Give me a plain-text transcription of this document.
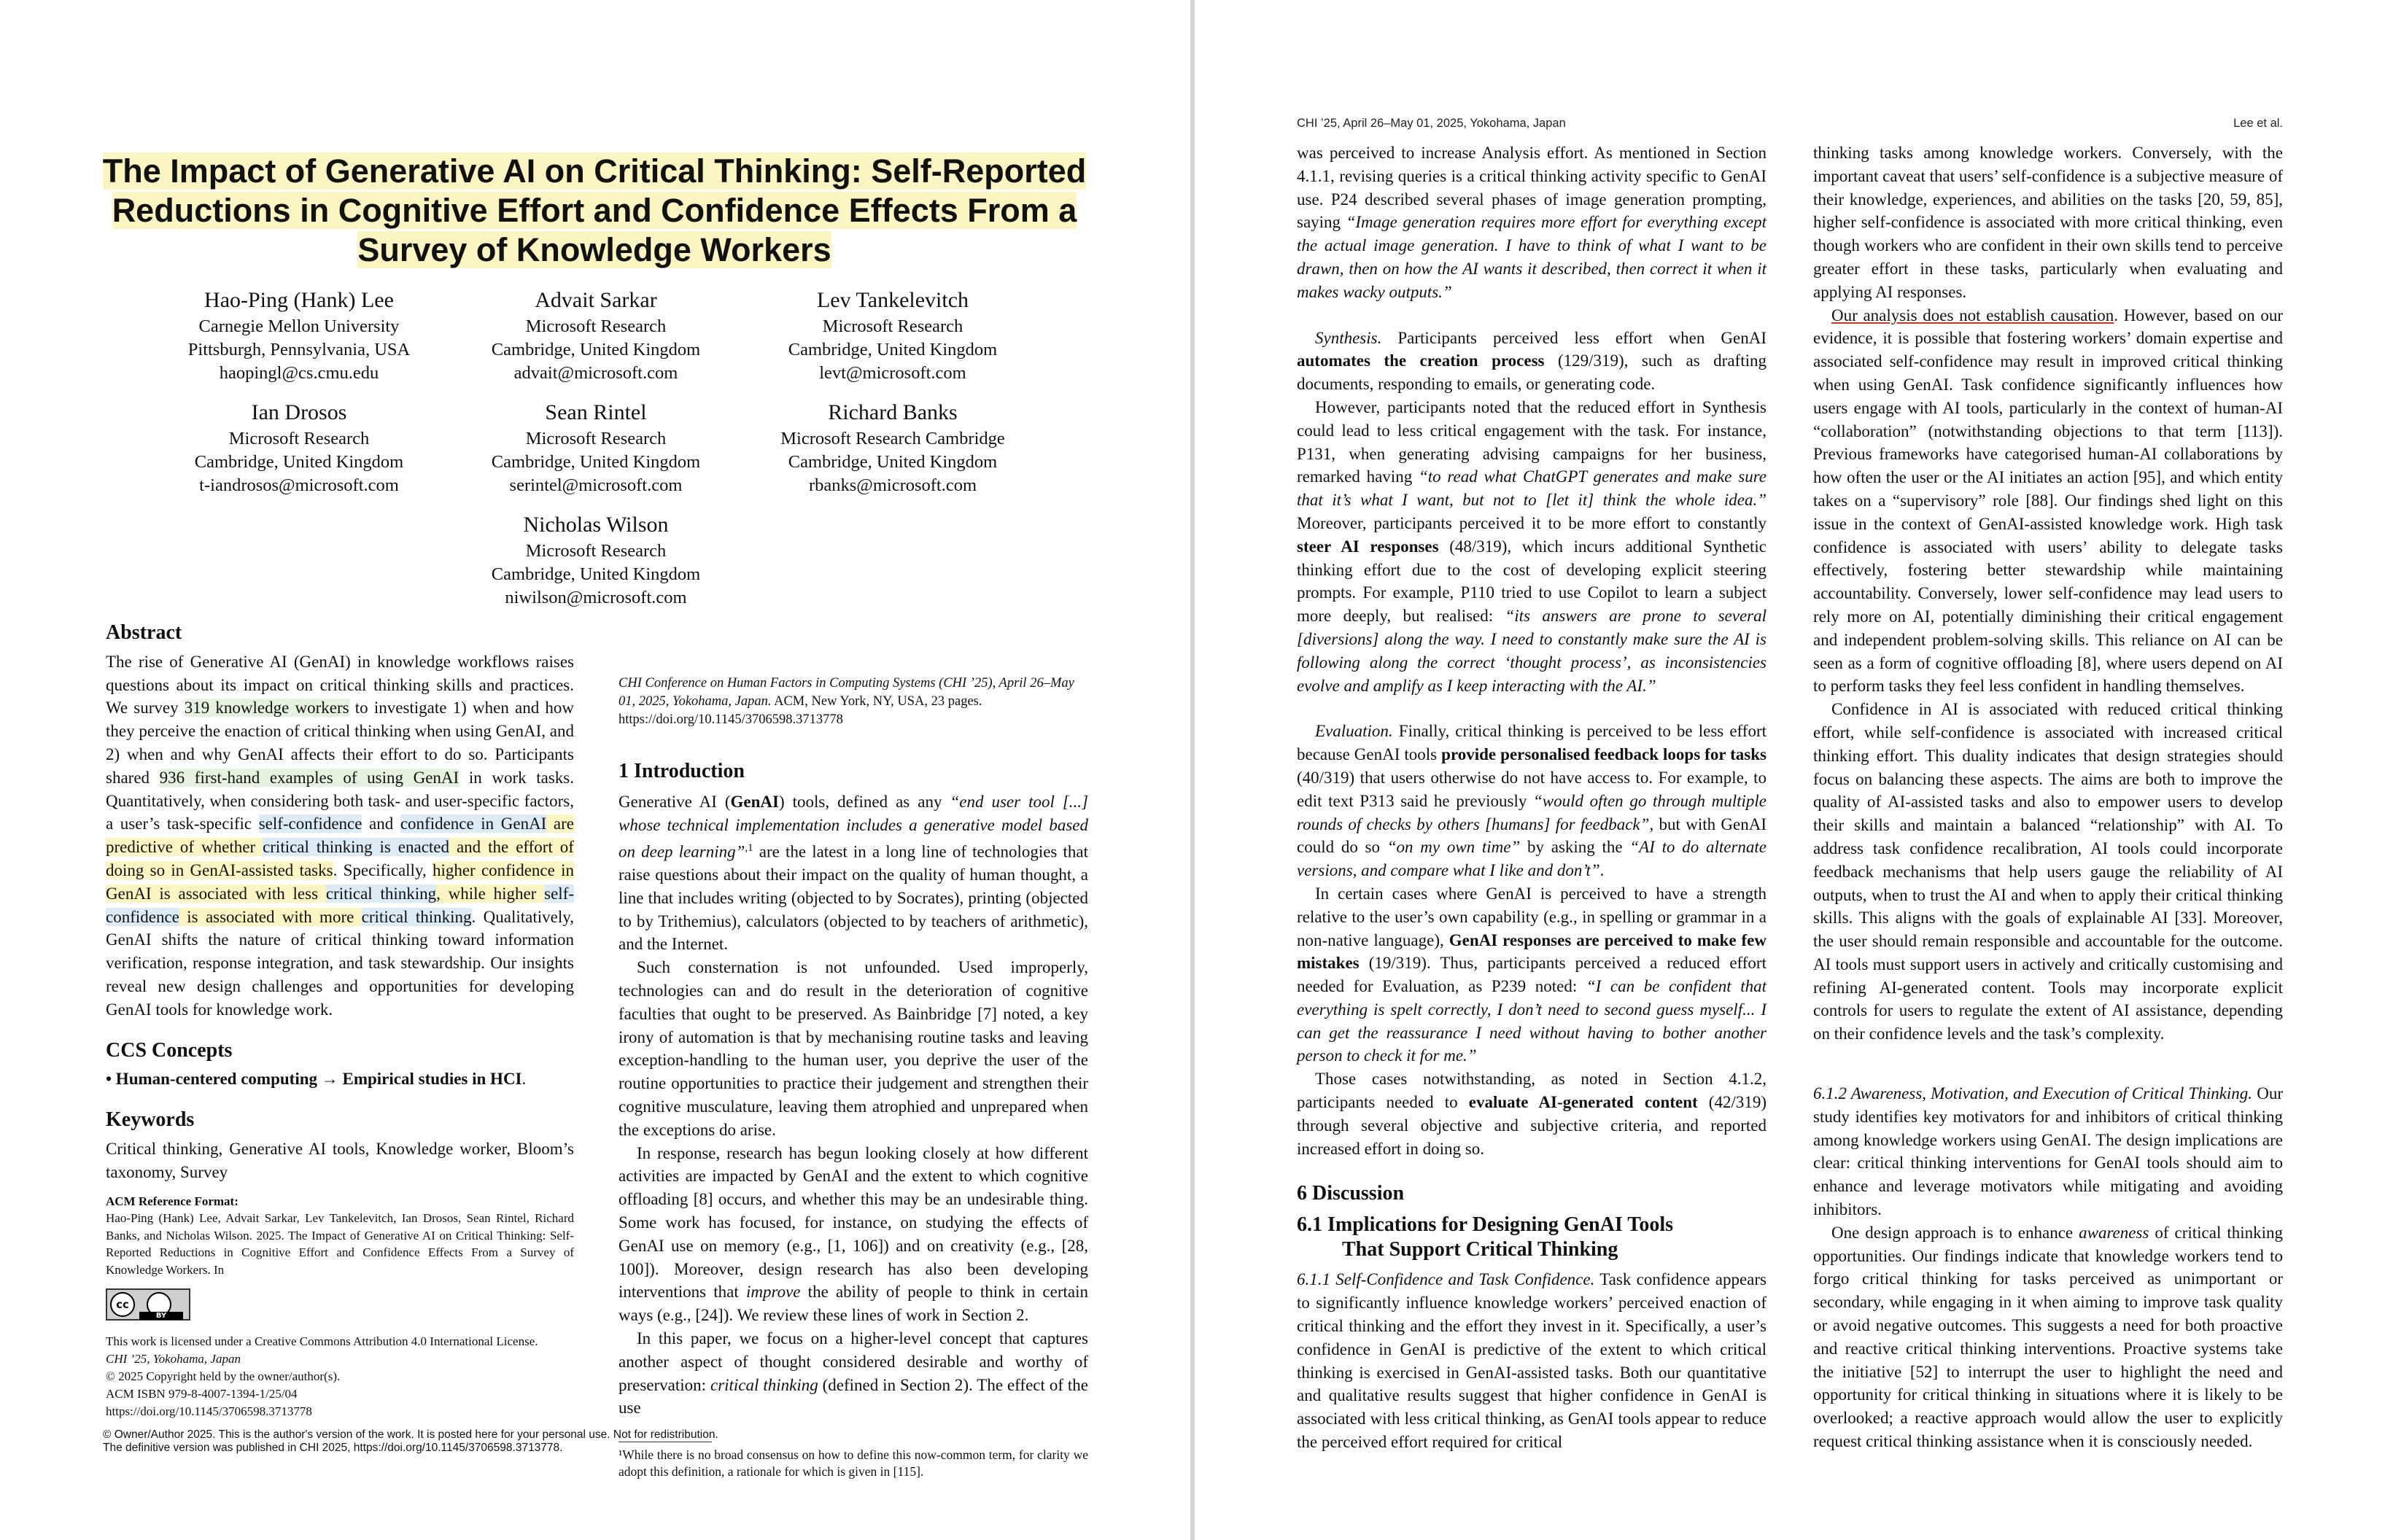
The Impact of Generative AI on Critical Thinking: Self-Reported
Reductions in Cognitive Effort and Confidence Effects From a
Survey of Knowledge Workers
Hao-Ping (Hank) Lee
Carnegie Mellon University
Pittsburgh, Pennsylvania, USA
haopingl@cs.cmu.edu
Advait Sarkar
Microsoft Research
Cambridge, United Kingdom
advait@microsoft.com
Lev Tankelevitch
Microsoft Research
Cambridge, United Kingdom
levt@microsoft.com
Ian Drosos
Microsoft Research
Cambridge, United Kingdom
t-iandrosos@microsoft.com
Sean Rintel
Microsoft Research
Cambridge, United Kingdom
serintel@microsoft.com
Richard Banks
Microsoft Research Cambridge
Cambridge, United Kingdom
rbanks@microsoft.com
Nicholas Wilson
Microsoft Research
Cambridge, United Kingdom
niwilson@microsoft.com
Abstract

The rise of Generative AI (GenAI) in knowledge workflows raises questions about its impact on critical thinking skills and practices. We survey 319 knowledge workers to investigate 1) when and how they perceive the enaction of critical thinking when using GenAI, and 2) when and why GenAI affects their effort to do so. Participants shared 936 first-hand examples of using GenAI in work tasks. Quantitatively, when considering both task- and user-specific factors, a user’s task-specific self-confidence and confidence in GenAI are predictive of whether critical thinking is enacted and the effort of doing so in GenAI-assisted tasks. Specifically, higher confidence in GenAI is associated with less critical thinking, while higher self-confidence is associated with more critical thinking. Qualitatively, GenAI shifts the nature of critical thinking toward information verification, response integration, and task stewardship. Our insights reveal new design challenges and opportunities for developing GenAI tools for knowledge work.

CCS Concepts

• Human-centered computing → Empirical studies in HCI.

Keywords

Critical thinking, Generative AI tools, Knowledge worker, Bloom’s taxonomy, Survey

ACM Reference Format:
Hao-Ping (Hank) Lee, Advait Sarkar, Lev Tankelevitch, Ian Drosos, Sean Rintel, Richard Banks, and Nicholas Wilson. 2025. The Impact of Generative AI on Critical Thinking: Self-Reported Reductions in Cognitive Effort and Confidence Effects From a Survey of Knowledge Workers. In
cc
BY
This work is licensed under a Creative Commons Attribution 4.0 International License.
CHI ’25, Yokohama, Japan
© 2025 Copyright held by the owner/author(s).
ACM ISBN 979-8-4007-1394-1/25/04
https://doi.org/10.1145/3706598.3713778
CHI Conference on Human Factors in Computing Systems (CHI ’25), April 26–May 01, 2025, Yokohama, Japan. ACM, New York, NY, USA, 23 pages. https://doi.org/10.1145/3706598.3713778
1 Introduction

Generative AI (GenAI) tools, defined as any “end user tool [...] whose technical implementation includes a generative model based on deep learning”$^{,1}$ are the latest in a long line of technologies that raise questions about their impact on the quality of human thought, a line that includes writing (objected to by Socrates), printing (objected to by Trithemius), calculators (objected to by teachers of arithmetic), and the Internet.

Such consternation is not unfounded. Used improperly, technologies can and do result in the deterioration of cognitive faculties that ought to be preserved. As Bainbridge [7] noted, a key irony of automation is that by mechanising routine tasks and leaving exception-handling to the human user, you deprive the user of the routine opportunities to practice their judgement and strengthen their cognitive musculature, leaving them atrophied and unprepared when the exceptions do arise.

In response, research has begun looking closely at how different activities are impacted by GenAI and the extent to which cognitive offloading [8] occurs, and whether this may be an undesirable thing. Some work has focused, for instance, on studying the effects of GenAI use on memory (e.g., [1, 106]) and on creativity (e.g., [28, 100]). Moreover, design research has also been developing interventions that improve the ability of people to think in certain ways (e.g., [24]). We review these lines of work in Section 2.

In this paper, we focus on a higher-level concept that captures another aspect of thought considered desirable and worthy of preservation: critical thinking (defined in Section 2). The effect of the use

¹While there is no broad consensus on how to define this now-common term, for clarity we adopt this definition, a rationale for which is given in [115].
© Owner/Author 2025. This is the author's version of the work. It is posted here for your personal use. Not for redistribution.
The definitive version was published in CHI 2025, https://doi.org/10.1145/3706598.3713778.
CHI ’25, April 26–May 01, 2025, Yokohama, Japan	Lee et al.

was perceived to increase Analysis effort. As mentioned in Section 4.1.1, revising queries is a critical thinking activity specific to GenAI use. P24 described several phases of image generation prompting, saying “Image generation requires more effort for everything except the actual image generation. I have to think of what I want to be drawn, then on how the AI wants it described, then correct it when it makes wacky outputs.”

Synthesis. Participants perceived less effort when GenAI automates the creation process (129/319), such as drafting documents, responding to emails, or generating code.

However, participants noted that the reduced effort in Synthesis could lead to less critical engagement with the task. For instance, P131, when generating advising campaigns for her business, remarked having “to read what ChatGPT generates and make sure that it’s what I want, but not to [let it] think the whole idea.” Moreover, participants perceived it to be more effort to constantly steer AI responses (48/319), which incurs additional Synthetic thinking effort due to the cost of developing explicit steering prompts. For example, P110 tried to use Copilot to learn a subject more deeply, but realised: “its answers are prone to several [diversions] along the way. I need to constantly make sure the AI is following along the correct ‘thought process’, as inconsistencies evolve and amplify as I keep interacting with the AI.”

Evaluation. Finally, critical thinking is perceived to be less effort because GenAI tools provide personalised feedback loops for tasks (40/319) that users otherwise do not have access to. For example, to edit text P313 said he previously “would often go through multiple rounds of checks by others [humans] for feedback”, but with GenAI could do so “on my own time” by asking the “AI to do alternate versions, and compare what I like and don’t”.

In certain cases where GenAI is perceived to have a strength relative to the user’s own capability (e.g., in spelling or grammar in a non-native language), GenAI responses are perceived to make few mistakes (19/319). Thus, participants perceived a reduced effort needed for Evaluation, as P239 noted: “I can be confident that everything is spelt correctly, I don’t need to second guess myself... I can get the reassurance I need without having to bother another person to check it for me.”

Those cases notwithstanding, as noted in Section 4.1.2, participants needed to evaluate AI-generated content (42/319) through several objective and subjective criteria, and reported increased effort in doing so.

6 Discussion
6.1 Implications for Designing GenAI Tools
That Support Critical Thinking

6.1.1 Self-Confidence and Task Confidence. Task confidence appears to significantly influence knowledge workers’ perceived enaction of critical thinking and the effort they invest in it. Specifically, a user’s confidence in GenAI is predictive of the extent to which critical thinking is exercised in GenAI-assisted tasks. Both our quantitative and qualitative results suggest that higher confidence in GenAI is associated with less critical thinking, as GenAI tools appear to reduce the perceived effort required for critical

thinking tasks among knowledge workers. Conversely, with the important caveat that users’ self-confidence is a subjective measure of their knowledge, experiences, and abilities on the tasks [20, 59, 85], higher self-confidence is associated with more critical thinking, even though workers who are confident in their own skills tend to perceive greater effort in these tasks, particularly when evaluating and applying AI responses.

Our analysis does not establish causation. However, based on our evidence, it is possible that fostering workers’ domain expertise and associated self-confidence may result in improved critical thinking when using GenAI. Task confidence significantly influences how users engage with AI tools, particularly in the context of human-AI “collaboration” (notwithstanding objections to that term [113]). Previous frameworks have categorised human-AI collaborations by how often the user or the AI initiates an action [95], and which entity takes on a “supervisory” role [88]. Our findings shed light on this issue in the context of GenAI-assisted knowledge work. High task confidence is associated with users’ ability to delegate tasks effectively, fostering better stewardship while maintaining accountability. Conversely, lower self-confidence may lead users to rely more on AI, potentially diminishing their critical engagement and independent problem-solving skills. This reliance on AI can be seen as a form of cognitive offloading [8], where users depend on AI to perform tasks they feel less confident in handling themselves.

Confidence in AI is associated with reduced critical thinking effort, while self-confidence is associated with increased critical thinking effort. This duality indicates that design strategies should focus on balancing these aspects. The aims are both to improve the quality of AI-assisted tasks and also to empower users to develop their skills and maintain a balanced “relationship” with AI. To address task confidence recalibration, AI tools could incorporate feedback mechanisms that help users gauge the reliability of AI outputs, when to trust the AI and when to apply their critical thinking skills. This aligns with the goals of explainable AI [33]. Moreover, the user should remain responsible and accountable for the outcome. AI tools must support users in actively and critically customising and refining AI-generated content. Tools may incorporate explicit controls for users to regulate the extent of AI assistance, depending on their confidence levels and the task’s complexity.

6.1.2 Awareness, Motivation, and Execution of Critical Thinking. Our study identifies key motivators for and inhibitors of critical thinking among knowledge workers using GenAI. The design implications are clear: critical thinking interventions for GenAI tools should aim to enhance and leverage motivators while mitigating and avoiding inhibitors.

One design approach is to enhance awareness of critical thinking opportunities. Our findings indicate that knowledge workers tend to forgo critical thinking for tasks perceived as unimportant or secondary, while engaging in it when aiming to improve task quality or avoid negative outcomes. This suggests a need for both proactive and reactive critical thinking interventions. Proactive systems take the initiative [52] to interrupt the user to highlight the need and opportunity for critical thinking in situations where it is likely to be overlooked; a reactive approach would allow the user to explicitly request critical thinking assistance when it is consciously needed.
